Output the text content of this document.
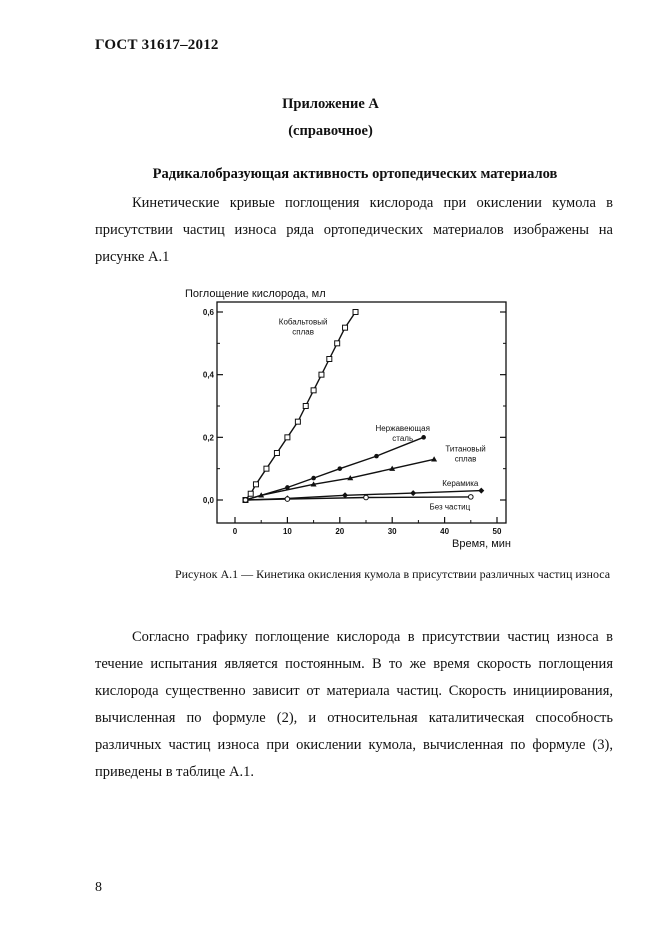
ГОСТ 31617–2012
Приложение А
(справочное)
Радикалобразующая активность ортопедических материалов
Кинетические кривые поглощения кислорода при окислении кумола в присутствии частиц износа ряда ортопедических материалов изображены на рисунке А.1
0	10	20	30	40	50
0,0
0,2
0,4
0,6
Поглощение кислорода, мл
Время, мин
Кобальтовый сплав
Нержавеющая сталь
Титановый сплав
Керамика
Без частиц
Рисунок А.1 — Кинетика окисления кумола в присутствии различных частиц износа
Согласно графику поглощение кислорода в присутствии частиц износа в течение испытания является постоянным. В то же время скорость поглощения кислорода существенно зависит от материала частиц. Скорость инициирования, вычисленная по формуле (2), и относительная каталитическая способность различных частиц износа при окислении кумола, вычисленная по формуле (3), приведены в таблице А.1.
8
